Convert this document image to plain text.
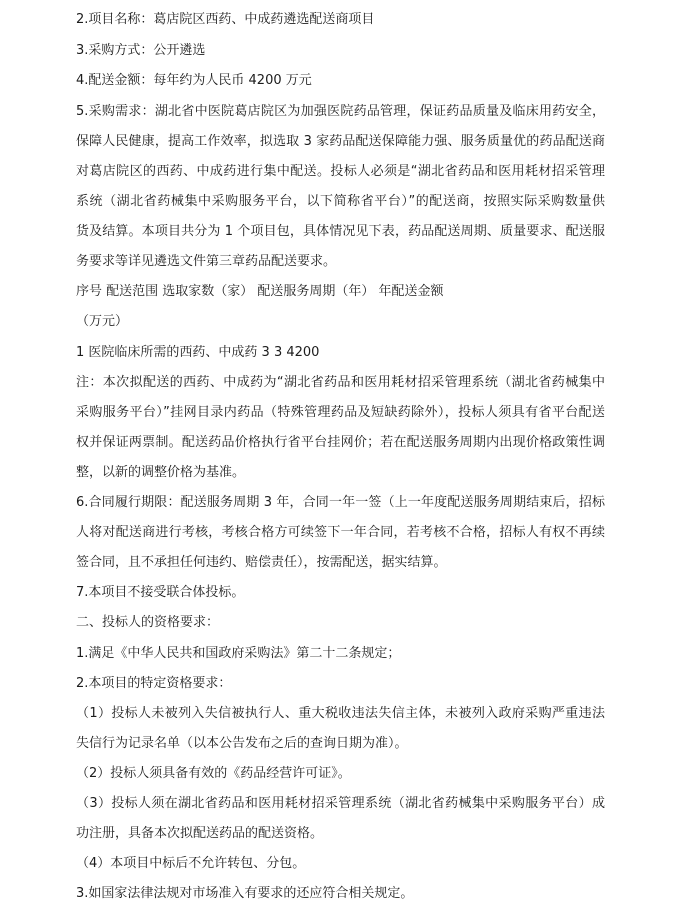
2.项目名称：葛店院区西药、中成药遴选配送商项目
3.采购方式：公开遴选
4.配送金额：每年约为人民币 4200 万元
5.采购需求：湖北省中医院葛店院区为加强医院药品管理，保证药品质量及临床用药安全，
保障人民健康，提高工作效率，拟选取 3 家药品配送保障能力强、服务质量优的药品配送商
对葛店院区的西药、中成药进行集中配送。投标人必须是“湖北省药品和医用耗材招采管理
系统（湖北省药械集中采购服务平台，以下简称省平台）”的配送商，按照实际采购数量供
货及结算。本项目共分为 1 个项目包，具体情况见下表，药品配送周期、质量要求、配送服
务要求等详见遴选文件第三章药品配送要求。
序号 配送范围 选取家数（家） 配送服务周期（年） 年配送金额
（万元）
1 医院临床所需的西药、中成药 3 3 4200
注：本次拟配送的西药、中成药为“湖北省药品和医用耗材招采管理系统（湖北省药械集中
采购服务平台）”挂网目录内药品（特殊管理药品及短缺药除外），投标人须具有省平台配送
权并保证两票制。配送药品价格执行省平台挂网价；若在配送服务周期内出现价格政策性调
整，以新的调整价格为基准。
6.合同履行期限：配送服务周期 3 年，合同一年一签（上一年度配送服务周期结束后，招标
人将对配送商进行考核，考核合格方可续签下一年合同，若考核不合格，招标人有权不再续
签合同，且不承担任何违约、赔偿责任），按需配送，据实结算。
7.本项目不接受联合体投标。
二、投标人的资格要求：
1.满足《中华人民共和国政府采购法》第二十二条规定；
2.本项目的特定资格要求：
（1）投标人未被列入失信被执行人、重大税收违法失信主体，未被列入政府采购严重违法
失信行为记录名单（以本公告发布之后的查询日期为准）。
（2）投标人须具备有效的《药品经营许可证》。
（3）投标人须在湖北省药品和医用耗材招采管理系统（湖北省药械集中采购服务平台）成
功注册，具备本次拟配送药品的配送资格。
（4）本项目中标后不允许转包、分包。
3.如国家法律法规对市场准入有要求的还应符合相关规定。
